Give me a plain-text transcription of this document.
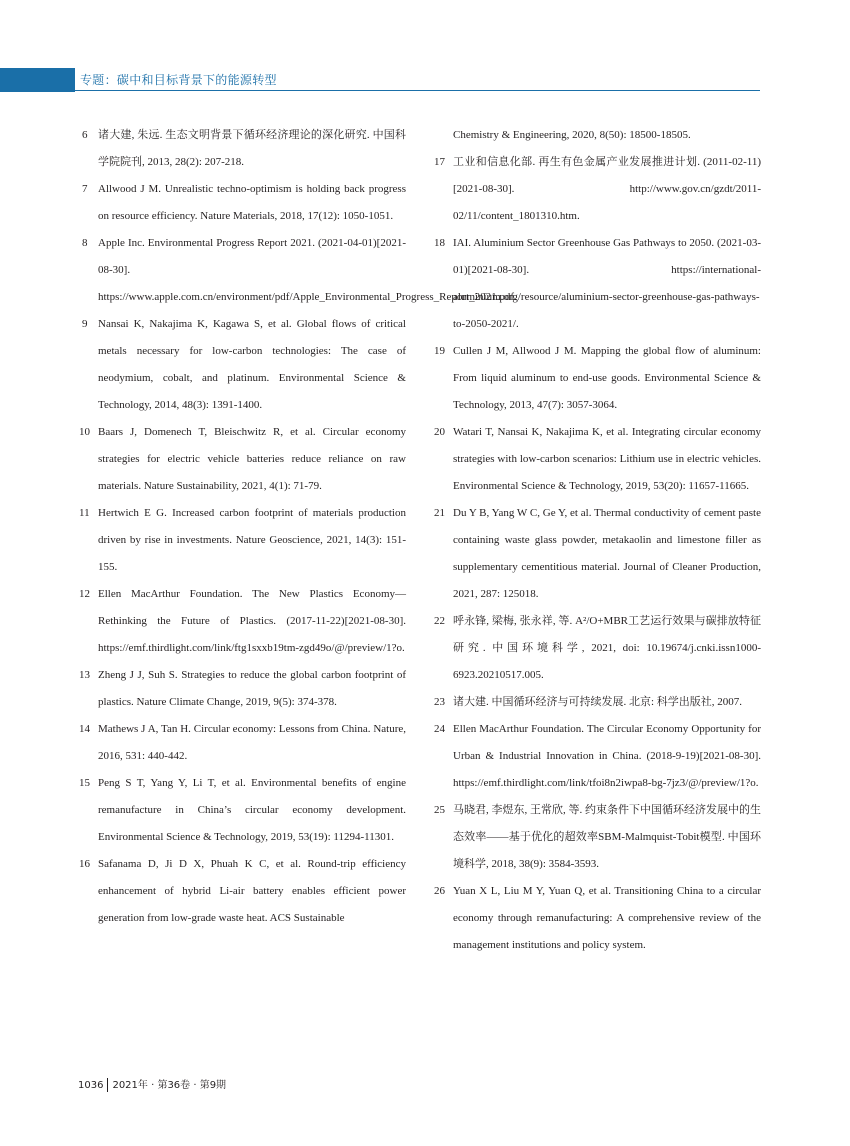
专题：碳中和目标背景下的能源转型
6 诸大建, 朱远. 生态文明背景下循环经济理论的深化研究. 中国科学院院刊, 2013, 28(2): 207-218.
7 Allwood J M. Unrealistic techno-optimism is holding back progress on resource efficiency. Nature Materials, 2018, 17(12): 1050-1051.
8 Apple Inc. Environmental Progress Report 2021. (2021-04-01)[2021-08-30]. https://www.apple.com.cn/environment/pdf/Apple_Environmental_Progress_Report_2021.pdf.
9 Nansai K, Nakajima K, Kagawa S, et al. Global flows of critical metals necessary for low-carbon technologies: The case of neodymium, cobalt, and platinum. Environmental Science & Technology, 2014, 48(3): 1391-1400.
10 Baars J, Domenech T, Bleischwitz R, et al. Circular economy strategies for electric vehicle batteries reduce reliance on raw materials. Nature Sustainability, 2021, 4(1): 71-79.
11 Hertwich E G. Increased carbon footprint of materials production driven by rise in investments. Nature Geoscience, 2021, 14(3): 151-155.
12 Ellen MacArthur Foundation. The New Plastics Economy—Rethinking the Future of Plastics. (2017-11-22)[2021-08-30]. https://emf.thirdlight.com/link/ftg1sxxb19tm-zgd49o/@/preview/1?o.
13 Zheng J J, Suh S. Strategies to reduce the global carbon footprint of plastics. Nature Climate Change, 2019, 9(5): 374-378.
14 Mathews J A, Tan H. Circular economy: Lessons from China. Nature, 2016, 531: 440-442.
15 Peng S T, Yang Y, Li T, et al. Environmental benefits of engine remanufacture in China’s circular economy development. Environmental Science & Technology, 2019, 53(19): 11294-11301.
16 Safanama D, Ji D X, Phuah K C, et al. Round-trip efficiency enhancement of hybrid Li-air battery enables efficient power generation from low-grade waste heat. ACS Sustainable
Chemistry & Engineering, 2020, 8(50): 18500-18505.
17 工业和信息化部. 再生有色金属产业发展推进计划. (2011-02-11)[2021-08-30]. http://www.gov.cn/gzdt/2011-02/11/content_1801310.htm.
18 IAI. Aluminium Sector Greenhouse Gas Pathways to 2050. (2021-03-01)[2021-08-30]. https://international-aluminium.org/resource/aluminium-sector-greenhouse-gas-pathways-to-2050-2021/.
19 Cullen J M, Allwood J M. Mapping the global flow of aluminum: From liquid aluminum to end-use goods. Environmental Science & Technology, 2013, 47(7): 3057-3064.
20 Watari T, Nansai K, Nakajima K, et al. Integrating circular economy strategies with low-carbon scenarios: Lithium use in electric vehicles. Environmental Science & Technology, 2019, 53(20): 11657-11665.
21 Du Y B, Yang W C, Ge Y, et al. Thermal conductivity of cement paste containing waste glass powder, metakaolin and limestone filler as supplementary cementitious material. Journal of Cleaner Production, 2021, 287: 125018.
22 呼永锋, 梁梅, 张永祥, 等. A²/O+MBR工艺运行效果与碳排放特征研究. 中国环境科学, 2021, doi: 10.19674/j.cnki.issn1000-6923.20210517.005.
23 诸大建. 中国循环经济与可持续发展. 北京: 科学出版社, 2007.
24 Ellen MacArthur Foundation. The Circular Economy Opportunity for Urban & Industrial Innovation in China. (2018-9-19)[2021-08-30]. https://emf.thirdlight.com/link/tfoi8n2iwpa8-bg-7jz3/@/preview/1?o.
25 马晓君, 李煜东, 王常欣, 等. 约束条件下中国循环经济发展中的生态效率——基于优化的超效率SBM-Malmquist-Tobit模型. 中国环境科学, 2018, 38(9): 3584-3593.
26 Yuan X L, Liu M Y, Yuan Q, et al. Transitioning China to a circular economy through remanufacturing: A comprehensive review of the management institutions and policy system.
1036 2021年 · 第36卷 · 第9期
